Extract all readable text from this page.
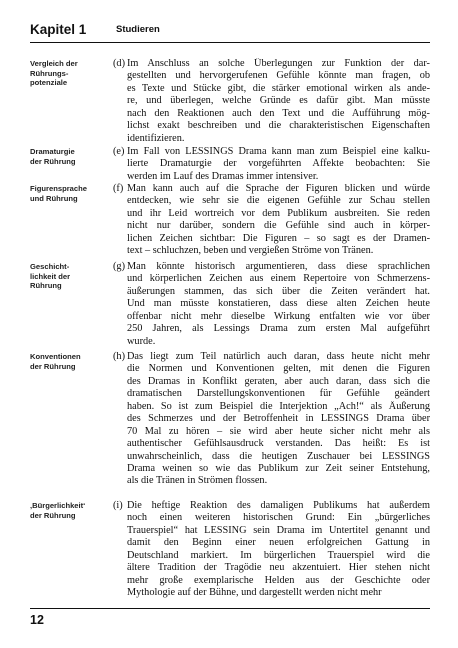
Kapitel 1	Studieren
Vergleich der
Rührungs-
potenziale
Dramaturgie
der Rührung
Figurensprache
und Rührung
Geschicht-
lichkeit der
Rührung
Konventionen
der Rührung
‚Bürgerlichkeit‘
der Rührung
(d) Im Anschluss an solche Überlegungen zur Funktion der dar-
gestellten und hervorgerufenen Gefühle könnte man fragen, ob
es Texte und Stücke gibt, die stärker emotional wirken als ande-
re, und überlegen, welche Gründe es dafür gibt. Man müsste
nach den Reaktionen auch den Text und die Aufführung mög-
lichst exakt beschreiben und die charakteristischen Eigenschaften
identifizieren.
(e) Im Fall von LESSINGS Drama kann man zum Beispiel eine kalku-
lierte Dramaturgie der vorgeführten Affekte beobachten: Sie
werden im Lauf des Dramas immer intensiver.
(f) Man kann auch auf die Sprache der Figuren blicken und würde
entdecken, wie sehr sie die eigenen Gefühle zur Schau stellen
und ihr Leid wortreich vor dem Publikum ausbreiten. Sie reden
nicht nur darüber, sondern die Gefühle sind auch in körper-
lichen Zeichen sichtbar: Die Figuren – so sagt es der Dramen-
text – schluchzen, beben und vergießen Ströme von Tränen.
(g) Man könnte historisch argumentieren, dass diese sprachlichen
und körperlichen Zeichen aus einem Repertoire von Schmerzens-
äußerungen stammen, das sich über die Zeiten verändert hat.
Und man müsste konstatieren, dass diese alten Zeichen heute
offenbar nicht mehr dieselbe Wirkung entfalten wie vor über
250 Jahren, als Lessings Drama zum ersten Mal aufgeführt
wurde.
(h) Das liegt zum Teil natürlich auch daran, dass heute nicht mehr
die Normen und Konventionen gelten, mit denen die Figuren
des Dramas in Konflikt geraten, aber auch daran, dass sich die
dramatischen Darstellungskonventionen für Gefühle geändert
haben. So ist zum Beispiel die Interjektion „Ach!“ als Äußerung
des Schmerzes und der Betroffenheit in LESSINGS Drama über
70 Mal zu hören – sie wird aber heute sicher nicht mehr als
authentischer Gefühlsausdruck verstanden. Das heißt: Es ist
unwahrscheinlich, dass die heutigen Zuschauer bei LESSINGS
Drama weinen so wie das Publikum zur Zeit seiner Entstehung,
als die Tränen in Strömen flossen.
(i) Die heftige Reaktion des damaligen Publikums hat außerdem
noch einen weiteren historischen Grund: Ein „bürgerliches
Trauerspiel“ hat LESSING sein Drama im Untertitel genannt und
damit den Beginn einer neuen erfolgreichen Gattung in
Deutschland markiert. Im bürgerlichen Trauerspiel wird die
ältere Tradition der Tragödie neu akzentuiert. Hier stehen nicht
mehr große exemplarische Helden aus der Geschichte oder
Mythologie auf der Bühne, und dargestellt werden nicht mehr
12
